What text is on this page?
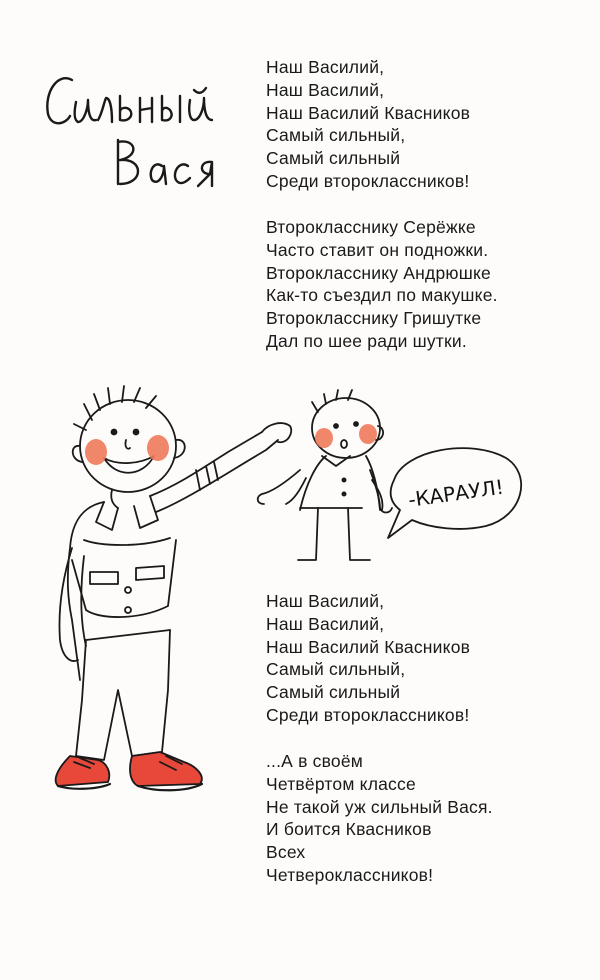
Наш Василий,
Наш Василий,
Наш Василий Квасников
Самый сильный,
Самый сильный
Среди второклассников!
Второкласснику Серёжке
Часто ставит он подножки.
Второкласснику Андрюшке
Как-то съездил по макушке.
Второкласснику Гришутке
Дал по шее ради шутки.
-КАРАУЛ!
Наш Василий,
Наш Василий,
Наш Василий Квасников
Самый сильный,
Самый сильный
Среди второклассников!
...А в своём
Четвёртом классе
Не такой уж сильный Вася.
И боится Квасников
Всех
Четвероклассников!
